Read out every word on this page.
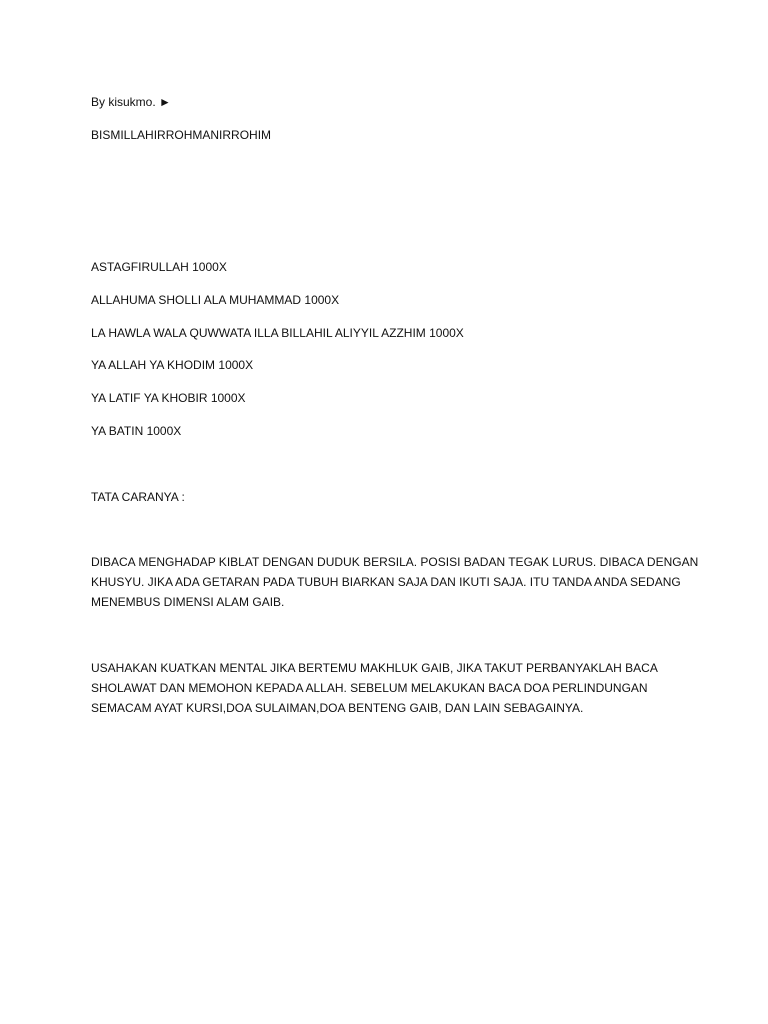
By kisukmo. ►
BISMILLAHIRROHMANIRROHIM
ASTAGFIRULLAH 1000X
ALLAHUMA SHOLLI ALA MUHAMMAD 1000X
LA HAWLA WALA QUWWATA ILLA BILLAHIL ALIYYIL AZZHIM 1000X
YA ALLAH YA KHODIM 1000X
YA LATIF YA KHOBIR 1000X
YA BATIN 1000X
TATA CARANYA :
DIBACA MENGHADAP KIBLAT DENGAN DUDUK BERSILA. POSISI BADAN TEGAK LURUS. DIBACA DENGAN
KHUSYU. JIKA ADA GETARAN PADA TUBUH BIARKAN SAJA DAN IKUTI SAJA. ITU TANDA ANDA SEDANG
MENEMBUS DIMENSI ALAM GAIB.
USAHAKAN KUATKAN MENTAL JIKA BERTEMU MAKHLUK GAIB, JIKA TAKUT PERBANYAKLAH BACA
SHOLAWAT DAN MEMOHON KEPADA ALLAH. SEBELUM MELAKUKAN BACA DOA PERLINDUNGAN
SEMACAM AYAT KURSI,DOA SULAIMAN,DOA BENTENG GAIB, DAN LAIN SEBAGAINYA.
